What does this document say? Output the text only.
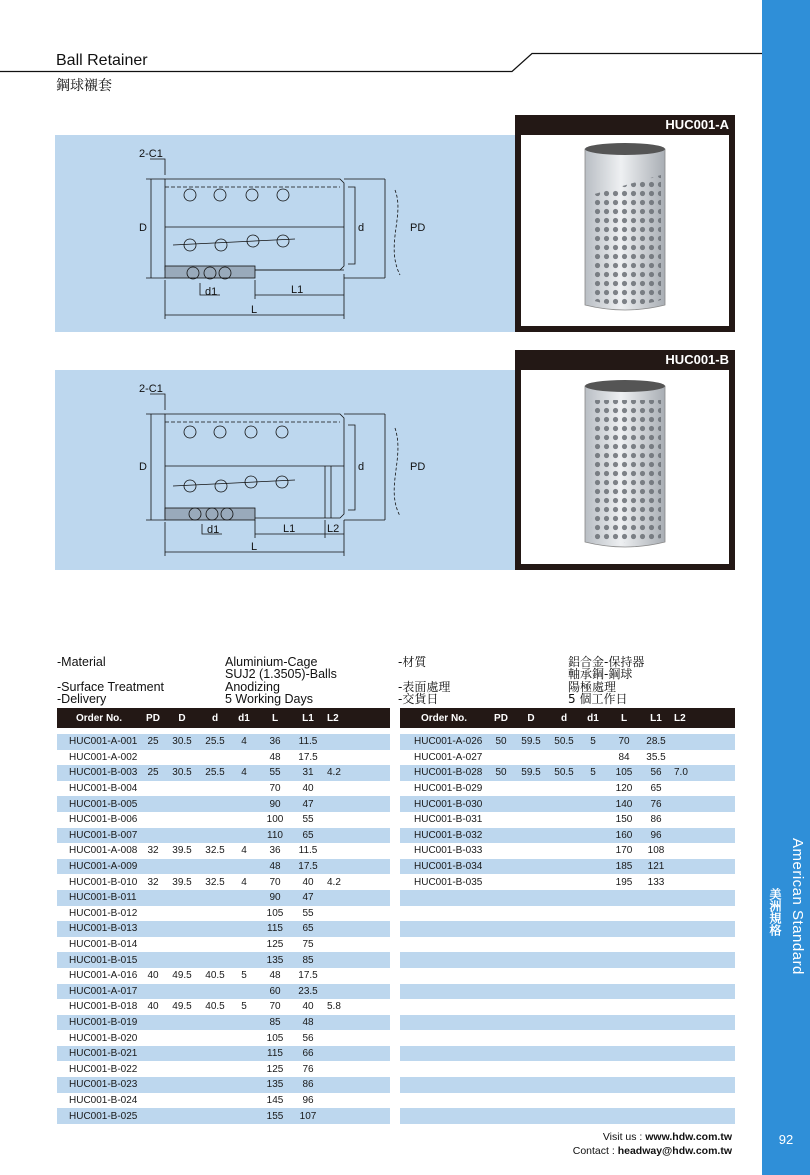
American Standard
美洲規格
92
Ball Retainer
鋼球襯套
2-C1
D	d	PD
d1	L1
L
2-C1
D	d	PD
d1	L1	L2
L
HUC001-A
HUC001-B
-Material	Aluminium-Cage
SUJ2 (1.3505)-Balls
-Surface Treatment	Anodizing
-Delivery	5 Working Days
-材質	鋁合金-保持器
軸承鋼-鋼球
-表面處理	陽極處理
-交貨日	5 個工作日
Order No.	PD	D	d	d1	L	L1	L2

HUC001-A-001	25	30.5	25.5	4	36	11.5	
HUC001-A-002					48	17.5	
HUC001-B-003	25	30.5	25.5	4	55	31	4.2
HUC001-B-004					70	40	
HUC001-B-005					90	47	
HUC001-B-006					100	55	
HUC001-B-007					110	65	
HUC001-A-008	32	39.5	32.5	4	36	11.5	
HUC001-A-009					48	17.5	
HUC001-B-010	32	39.5	32.5	4	70	40	4.2
HUC001-B-011					90	47	
HUC001-B-012					105	55	
HUC001-B-013					115	65	
HUC001-B-014					125	75	
HUC001-B-015					135	85	
HUC001-A-016	40	49.5	40.5	5	48	17.5	
HUC001-A-017					60	23.5	
HUC001-B-018	40	49.5	40.5	5	70	40	5.8
HUC001-B-019					85	48	
HUC001-B-020					105	56	
HUC001-B-021					115	66	
HUC001-B-022					125	76	
HUC001-B-023					135	86	
HUC001-B-024					145	96	
HUC001-B-025					155	107	
Order No.	PD	D	d	d1	L	L1	L2

HUC001-A-026	50	59.5	50.5	5	70	28.5	
HUC001-A-027					84	35.5	
HUC001-B-028	50	59.5	50.5	5	105	56	7.0
HUC001-B-029					120	65	
HUC001-B-030					140	76	
HUC001-B-031					150	86	
HUC001-B-032					160	96	
HUC001-B-033					170	108	
HUC001-B-034					185	121	
HUC001-B-035					195	133	

Visit us : www.hdw.com.tw
Contact : headway@hdw.com.tw
